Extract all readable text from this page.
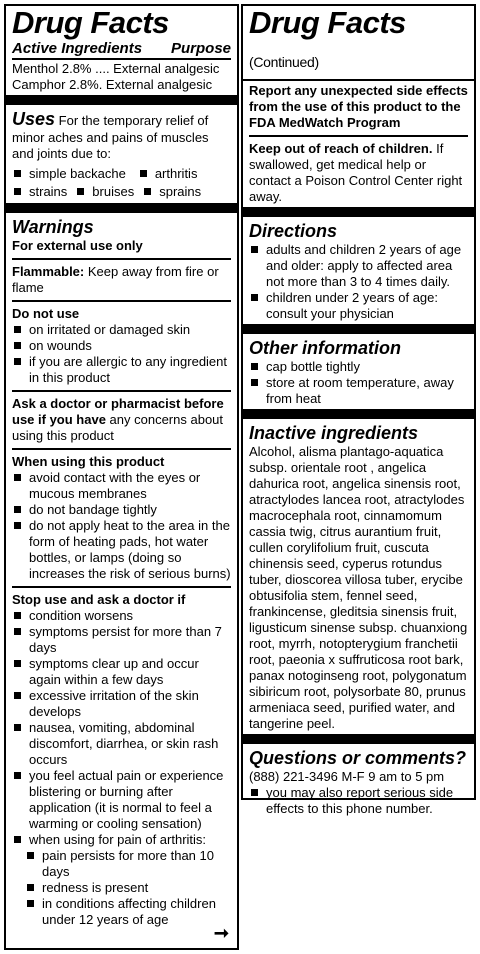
Drug Facts
Active Ingredients Purpose

Menthol 2.8% .... External analgesic

Camphor 2.8%. External analgesic

Uses For the temporary relief of minor aches and pains of muscles and joints due to:

simple backache arthritis
strains bruises sprains
Warnings

For external use only

Flammable: Keep away from fire or flame

Do not use

on irritated or damaged skin
on wounds
if you are allergic to any ingredient in this product

Ask a doctor or pharmacist before use if you have any concerns about using this product

When using this product

avoid contact with the eyes or mucous membranes
do not bandage tightly
do not apply heat to the area in the form of heating pads, hot water bottles, or lamps (doing so increases the risk of serious burns)

Stop use and ask a doctor if

condition worsens
symptoms persist for more than 7 days
symptoms clear up and occur again within a few days
excessive irritation of the skin develops
nausea, vomiting, abdominal discomfort, diarrhea, or skin rash occurs
you feel actual pain or experience blistering or burning after application (it is normal to feel a warming or cooling sensation)
when using for pain of arthritis:
pain persists for more than 10 days
redness is present
in conditions affecting children under 12 years of age
➞
Drug Facts (Continued)

Report any unexpected side effects from the use of this product to the FDA MedWatch Program

Keep out of reach of children. If swallowed, get medical help or contact a Poison Control Center right away.

Directions
adults and children 2 years of age and older: apply to affected area not more than 3 to 4 times daily.
children under 2 years of age: consult your physician
Other information
cap bottle tightly
store at room temperature, away from heat
Inactive ingredients

Alcohol, alisma plantago-aquatica subsp. orientale root , angelica dahurica root, angelica sinensis root, atractylodes lancea root, atractylodes macrocephala root, cinnamomum cassia twig, citrus aurantium fruit, cullen corylifolium fruit, cuscuta chinensis seed, cyperus rotundus tuber, dioscorea villosa tuber, erycibe obtusifolia stem, fennel seed, frankincense, gleditsia sinensis fruit, ligusticum sinense subsp. chuanxiong root, myrrh, notopterygium franchetii root, paeonia x suffruticosa root bark, panax notoginseng root, polygonatum sibiricum root, polysorbate 80, prunus armeniaca seed, purified water, and tangerine peel.

Questions or comments?

(888) 221-3496 M-F 9 am to 5 pm

you may also report serious side effects to this phone number.
